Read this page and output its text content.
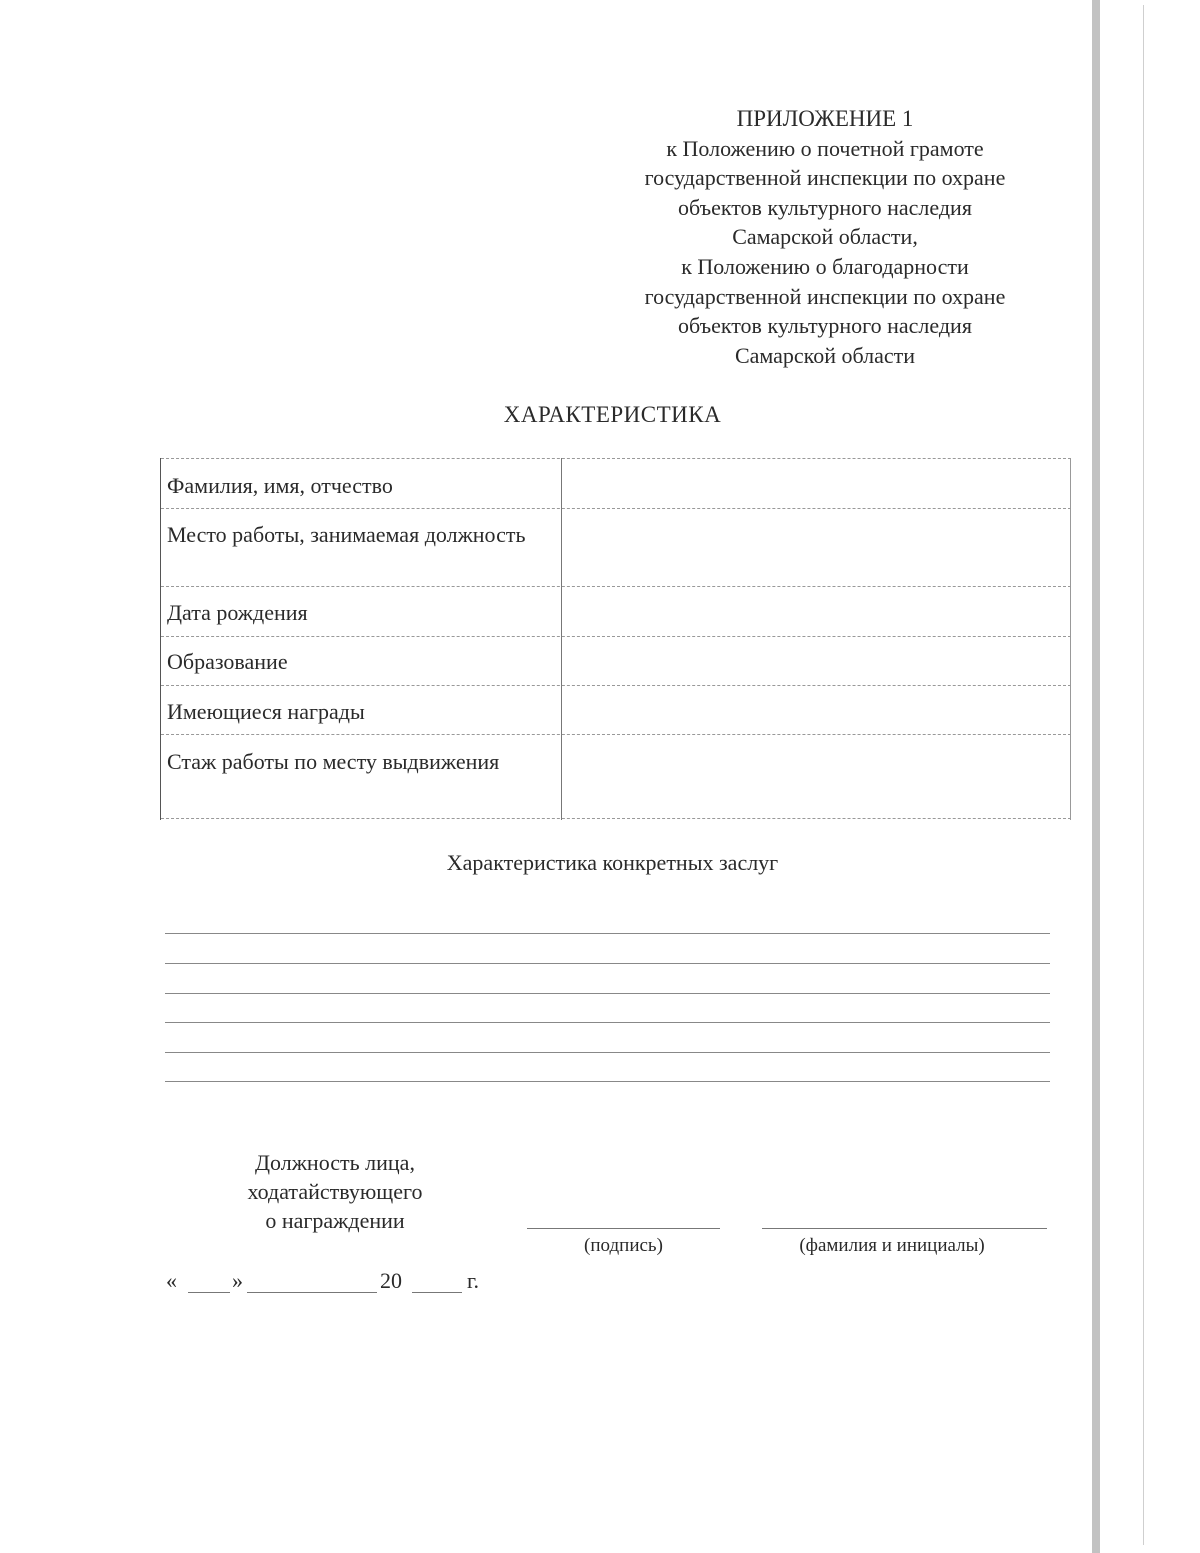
ПРИЛОЖЕНИЕ 1
к Положению о почетной грамоте
государственной инспекции по охране
объектов культурного наследия
Самарской области,
к Положению о благодарности
государственной инспекции по охране
объектов культурного наследия
Самарской области
ХАРАКТЕРИСТИКА
Фамилия, имя, отчество
Место работы, занимаемая должность
Дата рождения
Образование
Имеющиеся награды
Стаж работы по месту выдвижения
Характеристика конкретных заслуг
Должность лица,
ходатайствующего
о награждении
(подпись)	(фамилия и инициалы)
«	»	20	г.
